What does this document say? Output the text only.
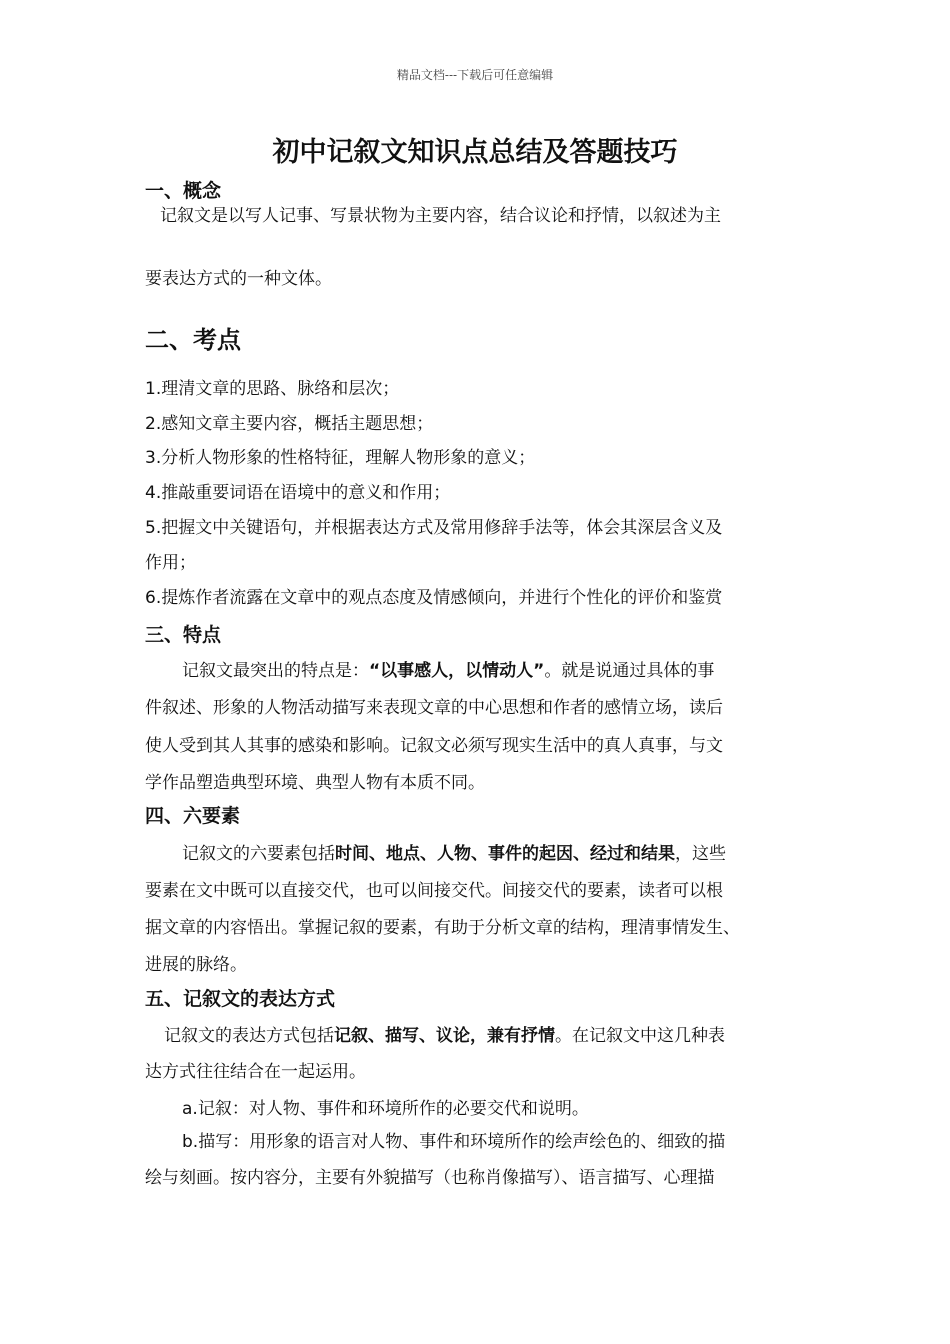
精品文档---下载后可任意编辑
初中记叙文知识点总结及答题技巧
一、概念
记叙文是以写人记事、写景状物为主要内容，结合议论和抒情，以叙述为主
要表达方式的一种文体。
二、考点
1.理清文章的思路、脉络和层次；
2.感知文章主要内容，概括主题思想；
3.分析人物形象的性格特征，理解人物形象的意义；
4.推敲重要词语在语境中的意义和作用；
5.把握文中关键语句，并根据表达方式及常用修辞手法等，体会其深层含义及
作用；
6.提炼作者流露在文章中的观点态度及情感倾向，并进行个性化的评价和鉴赏
三、特点
记叙文最突出的特点是：“以事感人，以情动人”。就是说通过具体的事
件叙述、形象的人物活动描写来表现文章的中心思想和作者的感情立场，读后
使人受到其人其事的感染和影响。记叙文必须写现实生活中的真人真事，与文
学作品塑造典型环境、典型人物有本质不同。
四、六要素
记叙文的六要素包括时间、地点、人物、事件的起因、经过和结果，这些
要素在文中既可以直接交代，也可以间接交代。间接交代的要素，读者可以根
据文章的内容悟出。掌握记叙的要素，有助于分析文章的结构，理清事情发生、
进展的脉络。
五、记叙文的表达方式
记叙文的表达方式包括记叙、描写、议论，兼有抒情。在记叙文中这几种表
达方式往往结合在一起运用。
a.记叙：对人物、事件和环境所作的必要交代和说明。
b.描写：用形象的语言对人物、事件和环境所作的绘声绘色的、细致的描
绘与刻画。按内容分，主要有外貌描写（也称肖像描写）、语言描写、心理描
